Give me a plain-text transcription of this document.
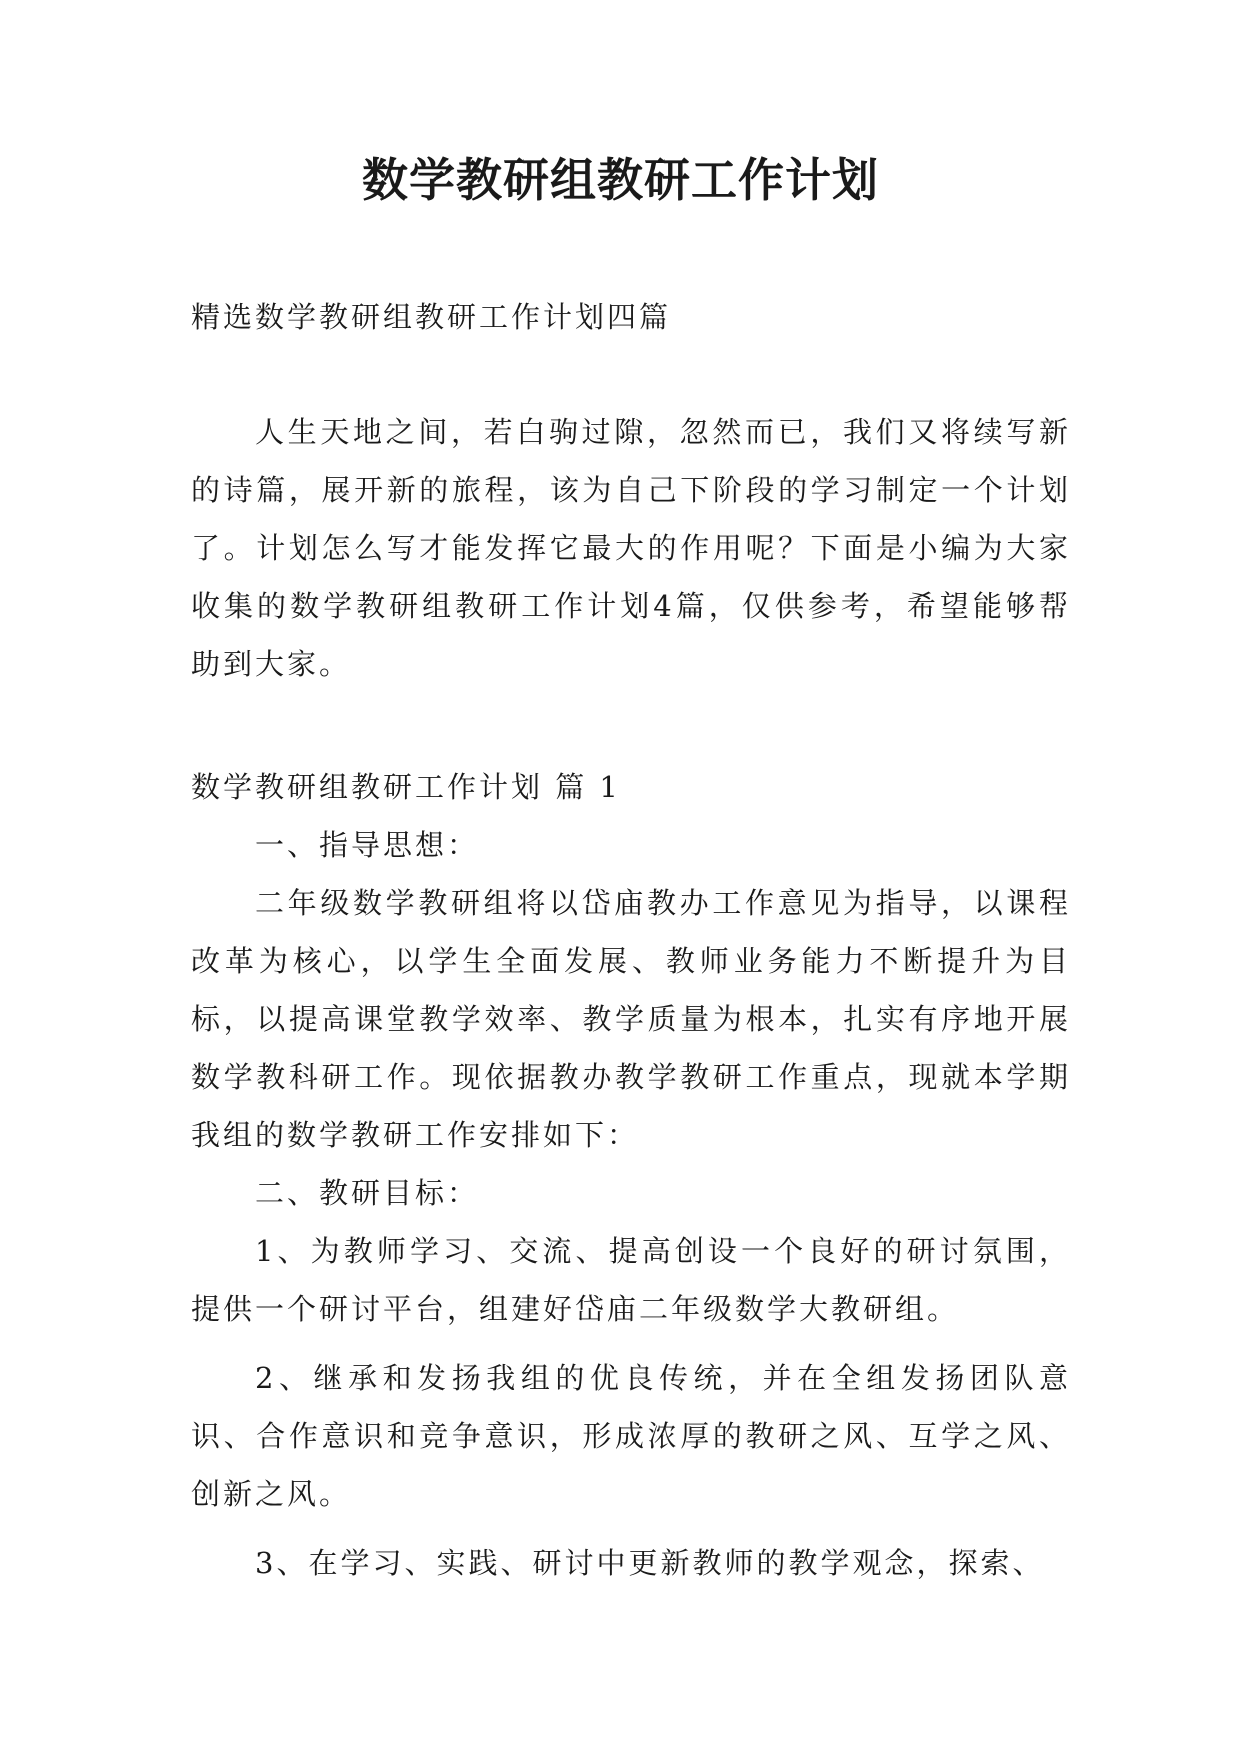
数学教研组教研工作计划
精选数学教研组教研工作计划四篇
人生天地之间，若白驹过隙，忽然而已，我们又将续写新的诗篇，展开新的旅程，该为自己下阶段的学习制定一个计划了。计划怎么写才能发挥它最大的作用呢？下面是小编为大家收集的数学教研组教研工作计划4篇，仅供参考，希望能够帮助到大家。
数学教研组教研工作计划 篇 1

一、指导思想：

二年级数学教研组将以岱庙教办工作意见为指导，以课程改革为核心，以学生全面发展、教师业务能力不断提升为目标，以提高课堂教学效率、教学质量为根本，扎实有序地开展数学教科研工作。现依据教办教学教研工作重点，现就本学期我组的数学教研工作安排如下：

二、教研目标：

1、为教师学习、交流、提高创设一个良好的研讨氛围，提供一个研讨平台，组建好岱庙二年级数学大教研组。

2、继承和发扬我组的优良传统，并在全组发扬团队意识、合作意识和竞争意识，形成浓厚的教研之风、互学之风、创新之风。

3、在学习、实践、研讨中更新教师的教学观念，探索、
